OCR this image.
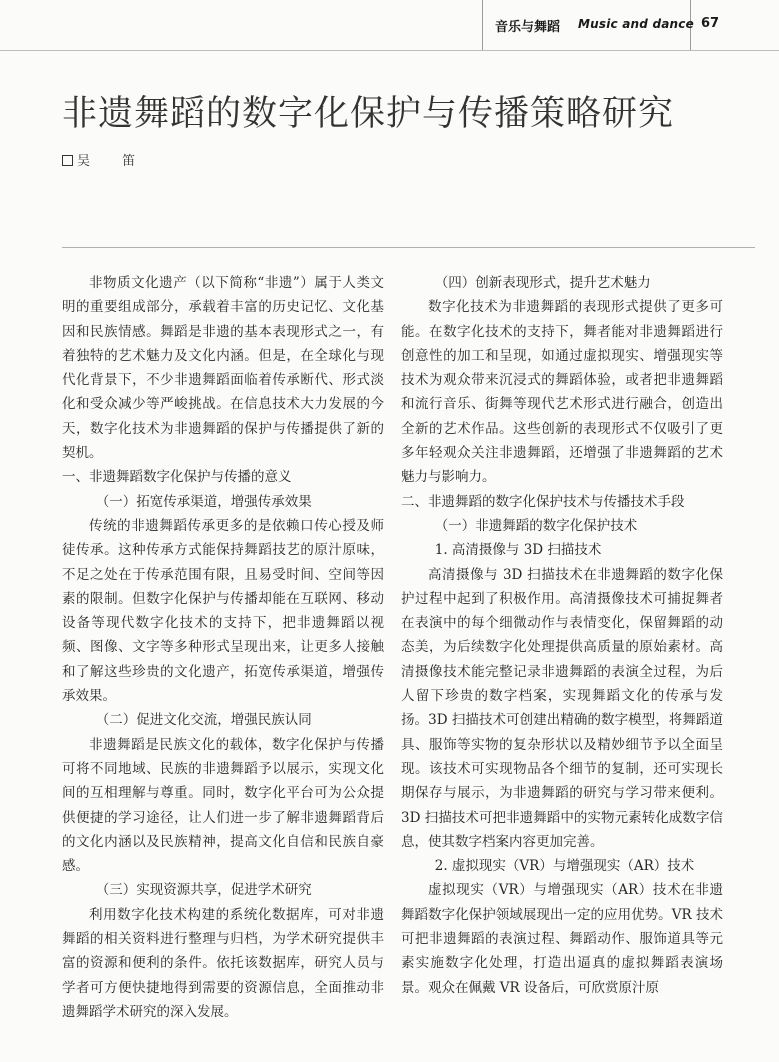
音乐与舞蹈 Music and dance 67
非遗舞蹈的数字化保护与传播策略研究
吴 笛

非物质文化遗产（以下简称“非遗”）属于人类文明的重要组成部分，承载着丰富的历史记忆、文化基因和民族情感。舞蹈是非遗的基本表现形式之一，有着独特的艺术魅力及文化内涵。但是，在全球化与现代化背景下，不少非遗舞蹈面临着传承断代、形式淡化和受众减少等严峻挑战。在信息技术大力发展的今天，数字化技术为非遗舞蹈的保护与传播提供了新的契机。

一、非遗舞蹈数字化保护与传播的意义

（一）拓宽传承渠道，增强传承效果

传统的非遗舞蹈传承更多的是依赖口传心授及师徒传承。这种传承方式能保持舞蹈技艺的原汁原味，不足之处在于传承范围有限，且易受时间、空间等因素的限制。但数字化保护与传播却能在互联网、移动设备等现代数字化技术的支持下，把非遗舞蹈以视频、图像、文字等多种形式呈现出来，让更多人接触和了解这些珍贵的文化遗产，拓宽传承渠道，增强传承效果。

（二）促进文化交流，增强民族认同

非遗舞蹈是民族文化的载体，数字化保护与传播可将不同地域、民族的非遗舞蹈予以展示，实现文化间的互相理解与尊重。同时，数字化平台可为公众提供便捷的学习途径，让人们进一步了解非遗舞蹈背后的文化内涵以及民族精神，提高文化自信和民族自豪感。

（三）实现资源共享，促进学术研究

利用数字化技术构建的系统化数据库，可对非遗舞蹈的相关资料进行整理与归档，为学术研究提供丰富的资源和便利的条件。依托该数据库，研究人员与学者可方便快捷地得到需要的资源信息，全面推动非遗舞蹈学术研究的深入发展。

（四）创新表现形式，提升艺术魅力

数字化技术为非遗舞蹈的表现形式提供了更多可能。在数字化技术的支持下，舞者能对非遗舞蹈进行创意性的加工和呈现，如通过虚拟现实、增强现实等技术为观众带来沉浸式的舞蹈体验，或者把非遗舞蹈和流行音乐、街舞等现代艺术形式进行融合，创造出全新的艺术作品。这些创新的表现形式不仅吸引了更多年轻观众关注非遗舞蹈，还增强了非遗舞蹈的艺术魅力与影响力。

二、非遗舞蹈的数字化保护技术与传播技术手段

（一）非遗舞蹈的数字化保护技术

1. 高清摄像与 3D 扫描技术

高清摄像与 3D 扫描技术在非遗舞蹈的数字化保护过程中起到了积极作用。高清摄像技术可捕捉舞者在表演中的每个细微动作与表情变化，保留舞蹈的动态美，为后续数字化处理提供高质量的原始素材。高清摄像技术能完整记录非遗舞蹈的表演全过程，为后人留下珍贵的数字档案，实现舞蹈文化的传承与发扬。3D 扫描技术可创建出精确的数字模型，将舞蹈道具、服饰等实物的复杂形状以及精妙细节予以全面呈现。该技术可实现物品各个细节的复制，还可实现长期保存与展示，为非遗舞蹈的研究与学习带来便利。3D 扫描技术可把非遗舞蹈中的实物元素转化成数字信息，使其数字档案内容更加完善。

2. 虚拟现实（VR）与增强现实（AR）技术

虚拟现实（VR）与增强现实（AR）技术在非遗舞蹈数字化保护领域展现出一定的应用优势。VR 技术可把非遗舞蹈的表演过程、舞蹈动作、服饰道具等元素实施数字化处理，打造出逼真的虚拟舞蹈表演场景。观众在佩戴 VR 设备后，可欣赏原汁原
